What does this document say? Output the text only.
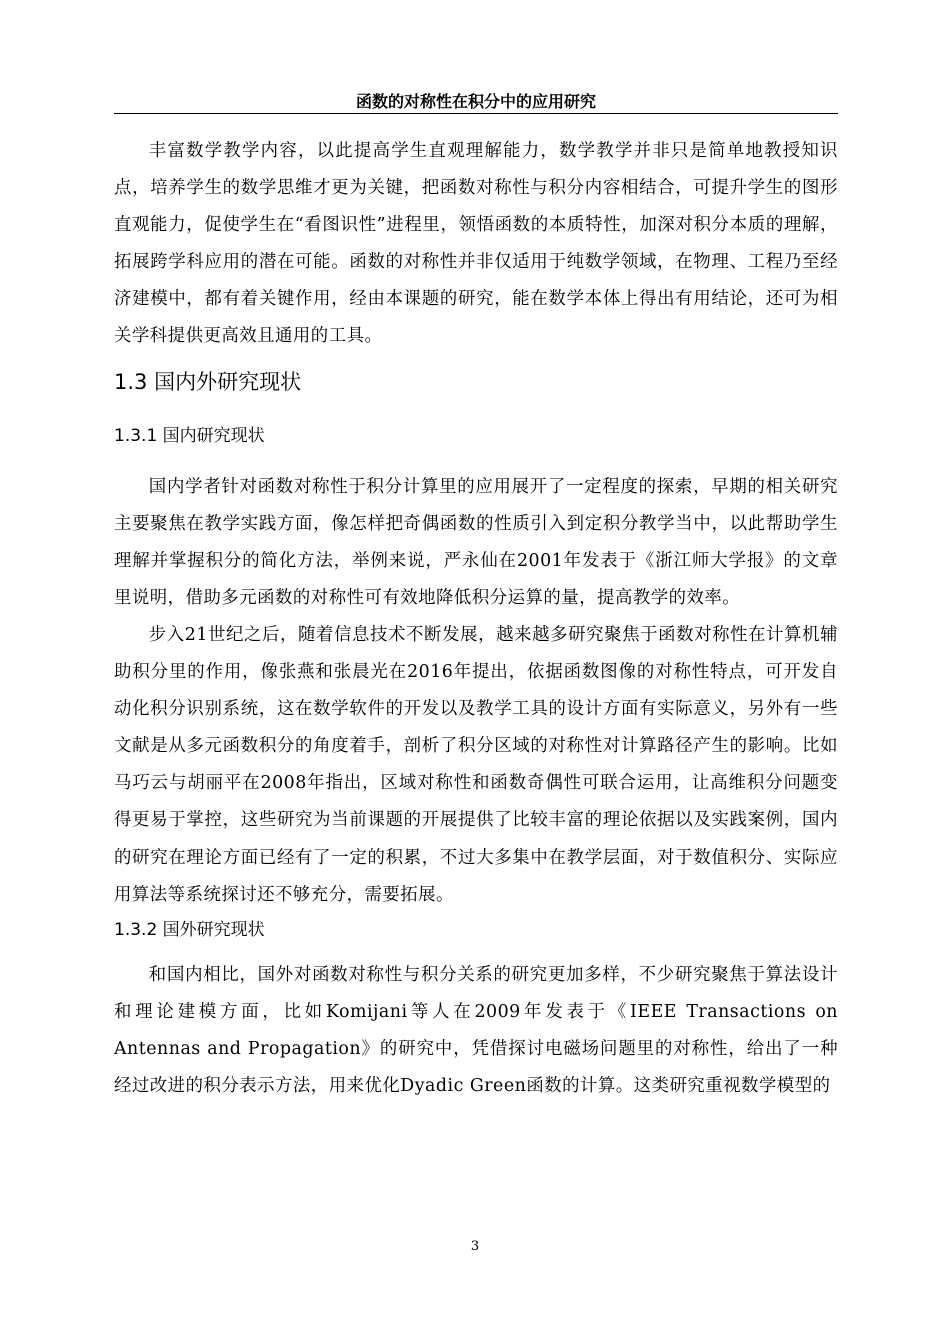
函数的对称性在积分中的应用研究

丰富数学教学内容，以此提高学生直观理解能力，数学教学并非只是简单地教授知识点，培养学生的数学思维才更为关键，把函数对称性与积分内容相结合，可提升学生的图形直观能力，促使学生在“看图识性”进程里，领悟函数的本质特性，加深对积分本质的理解，拓展跨学科应用的潜在可能。函数的对称性并非仅适用于纯数学领域，在物理、工程乃至经济建模中，都有着关键作用，经由本课题的研究，能在数学本体上得出有用结论，还可为相关学科提供更高效且通用的工具。

1.3 国内外研究现状
1.3.1 国内研究现状

国内学者针对函数对称性于积分计算里的应用展开了一定程度的探索，早期的相关研究主要聚焦在教学实践方面，像怎样把奇偶函数的性质引入到定积分教学当中，以此帮助学生理解并掌握积分的简化方法，举例来说，严永仙在2001年发表于《浙江师大学报》的文章里说明，借助多元函数的对称性可有效地降低积分运算的量，提高教学的效率。

步入21世纪之后，随着信息技术不断发展，越来越多研究聚焦于函数对称性在计算机辅助积分里的作用，像张燕和张晨光在2016年提出，依据函数图像的对称性特点，可开发自动化积分识别系统，这在数学软件的开发以及教学工具的设计方面有实际意义，另外有一些文献是从多元函数积分的角度着手，剖析了积分区域的对称性对计算路径产生的影响。比如马巧云与胡丽平在2008年指出，区域对称性和函数奇偶性可联合运用，让高维积分问题变得更易于掌控，这些研究为当前课题的开展提供了比较丰富的理论依据以及实践案例，国内的研究在理论方面已经有了一定的积累，不过大多集中在教学层面，对于数值积分、实际应用算法等系统探讨还不够充分，需要拓展。

1.3.2 国外研究现状

和国内相比，国外对函数对称性与积分关系的研究更加多样，不少研究聚焦于算法设计和理论建模方面，比如Komijani等人在2009年发表于《IEEE Transactions on Antennas and Propagation》的研究中，凭借探讨电磁场问题里的对称性，给出了一种经过改进的积分表示方法，用来优化Dyadic Green函数的计算。这类研究重视数学模型的

3
